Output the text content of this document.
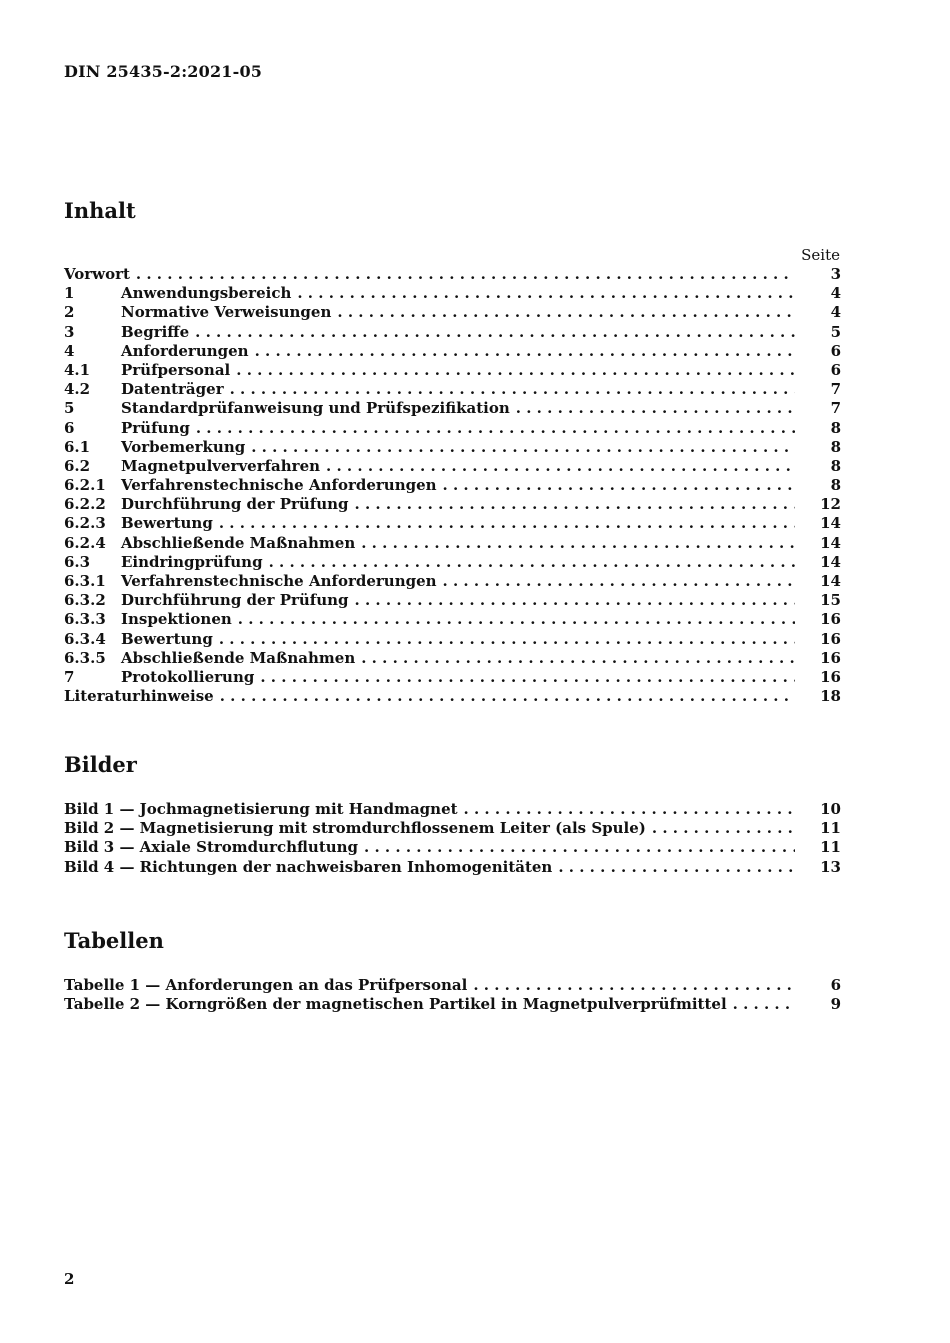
DIN 25435-2:2021-05
Inhalt
Seite
Vorwort . . .	3
1	Anwendungsbereich . . .	4
2	Normative Verweisungen . . .	4
3	Begriffe . . .	5
4	Anforderungen . . .	6
4.1	Prüfpersonal . . .	6
4.2	Datenträger . . .	7
5	Standardprüfanweisung und Prüfspezifikation . . .	7
6	Prüfung . . .	8
6.1	Vorbemerkung . . .	8
6.2	Magnetpulververfahren . . .	8
6.2.1	Verfahrenstechnische Anforderungen . . .	8
6.2.2	Durchführung der Prüfung . . .	12
6.2.3	Bewertung . . .	14
6.2.4	Abschließende Maßnahmen . . .	14
6.3	Eindringprüfung . . .	14
6.3.1	Verfahrenstechnische Anforderungen . . .	14
6.3.2	Durchführung der Prüfung . . .	15
6.3.3	Inspektionen . . .	16
6.3.4	Bewertung . . .	16
6.3.5	Abschließende Maßnahmen . . .	16
7	Protokollierung . . .	16
Literaturhinweise . . .	18
Bilder
Bild 1 — Jochmagnetisierung mit Handmagnet . . .	10
Bild 2 — Magnetisierung mit stromdurchflossenem Leiter (als Spule) . . .	11
Bild 3 — Axiale Stromdurchflutung . . .	11
Bild 4 — Richtungen der nachweisbaren Inhomogenitäten . . .	13
Tabellen
Tabelle 1 — Anforderungen an das Prüfpersonal . . .	6
Tabelle 2 — Korngrößen der magnetischen Partikel in Magnetpulverprüfmittel . . .	9
2
